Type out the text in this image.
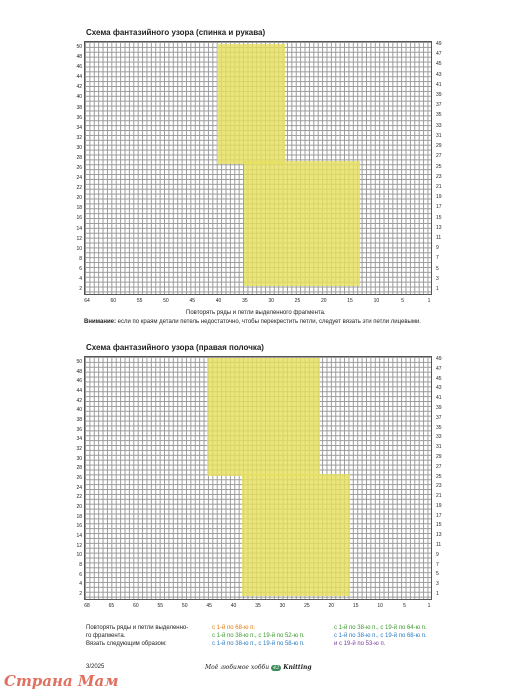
Схема фантазийного узора (спинка и рукава)
50
48
46
44
42
40
38
36
34
32
30
28
26
24
22
20
18
16
14
12
10
8
6
4
2
49
47
45
43
41
39
37
35
33
31
29
27
25
23
21
19
17
15
13
11
9
7
5
3
1
64	60	55	50	45	40	35	30	25	20	15	10	5	1
Повторять ряды и петли выделенного фрагмента.
Внимание: если по краям детали петель недостаточно, чтобы перекрестить петли, следует вязать эти петли лицевыми.
Схема фантазийного узора (правая полочка)
50
48
46
44
42
40
38
36
34
32
30
28
26
24
22
20
18
16
14
12
10
8
6
4
2
49
47
45
43
41
39
37
35
33
31
29
27
25
23
21
19
17
15
13
11
9
7
5
3
1
68	65	60	55	50	45	40	35	30	25	20	15	10	5	1
Повторять ряды и петли выделенно-
го фрагмента.
Вязать следующим образом:
с 1-й по 68-ю п.
с 1-й по 38-ю п., с 19-й по 52-ю п.
с 1-й по 38-ю п., с 19-й по 58-ю п.
с 1-й по 38-ю п., с 19-й по 64-ю п.
с 1-й по 38-ю п., с 19-й по 68-ю п.
и с 19-й по 53-ю п.
3/2025	Моё любимое хобби 42 Knitting
Страна Мам
